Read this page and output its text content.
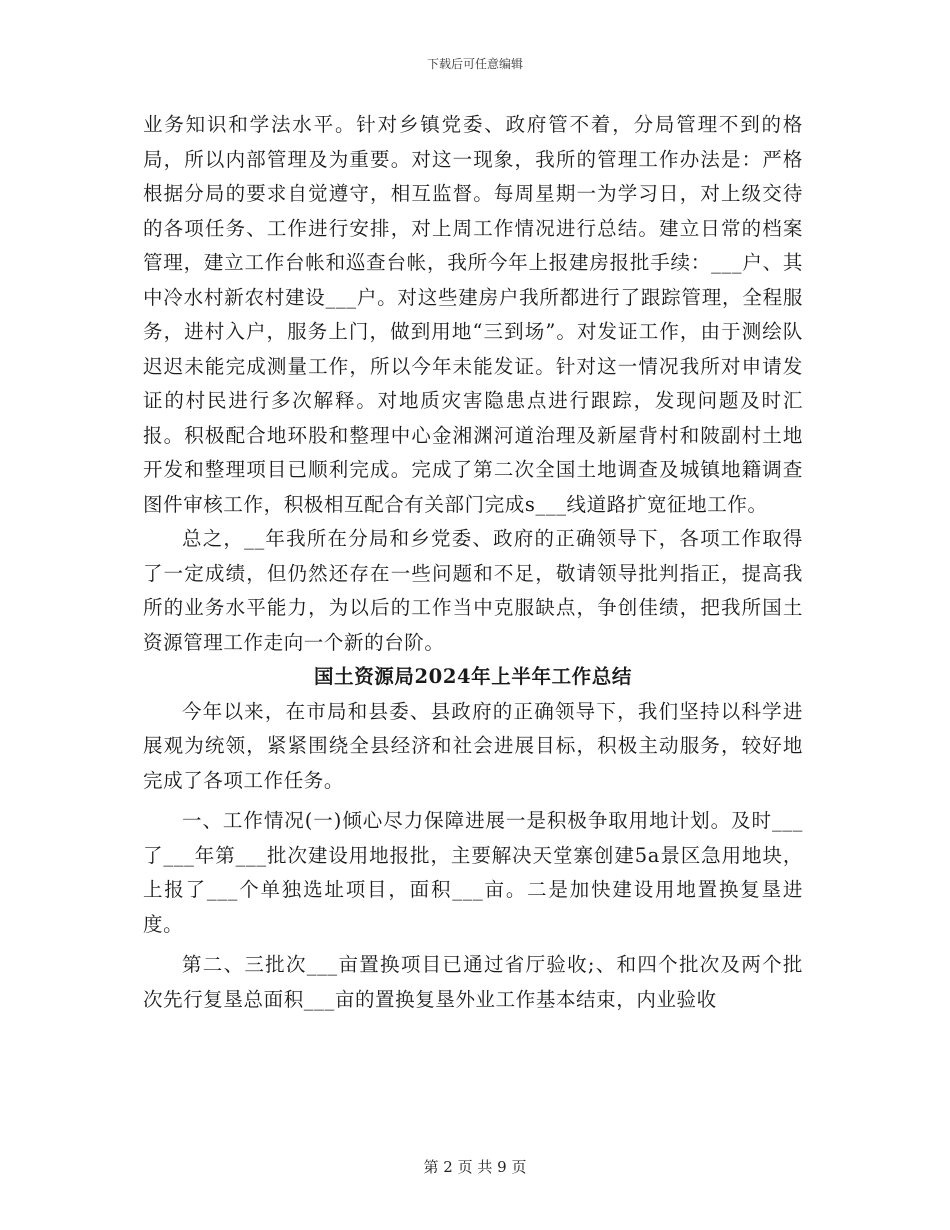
下载后可任意编辑

业务知识和学法水平。针对乡镇党委、政府管不着，分局管理不到的格局，所以内部管理及为重要。对这一现象，我所的管理工作办法是：严格根据分局的要求自觉遵守，相互监督。每周星期一为学习日，对上级交待的各项任务、工作进行安排，对上周工作情况进行总结。建立日常的档案管理，建立工作台帐和巡查台帐，我所今年上报建房报批手续：___户、其中冷水村新农村建设___户。对这些建房户我所都进行了跟踪管理，全程服务，进村入户，服务上门，做到用地“三到场”。对发证工作，由于测绘队迟迟未能完成测量工作，所以今年未能发证。针对这一情况我所对申请发证的村民进行多次解释。对地质灾害隐患点进行跟踪，发现问题及时汇报。积极配合地环股和整理中心金湘渊河道治理及新屋背村和陂副村土地开发和整理项目已顺利完成。完成了第二次全国土地调查及城镇地籍调查图件审核工作，积极相互配合有关部门完成s___线道路扩宽征地工作。

总之，__年我所在分局和乡党委、政府的正确领导下，各项工作取得了一定成绩，但仍然还存在一些问题和不足，敬请领导批判指正，提高我所的业务水平能力，为以后的工作当中克服缺点，争创佳绩，把我所国土资源管理工作走向一个新的台阶。

国土资源局2024年上半年工作总结

今年以来，在市局和县委、县政府的正确领导下，我们坚持以科学进展观为统领，紧紧围绕全县经济和社会进展目标，积极主动服务，较好地完成了各项工作任务。

一、工作情况(一)倾心尽力保障进展一是积极争取用地计划。及时___了___年第___批次建设用地报批，主要解决天堂寨创建5a景区急用地块，上报了___个单独选址项目，面积___亩。二是加快建设用地置换复垦进度。

第二、三批次___亩置换项目已通过省厅验收;、和四个批次及两个批次先行复垦总面积___亩的置换复垦外业工作基本结束，内业验收

第 2 页 共 9 页
